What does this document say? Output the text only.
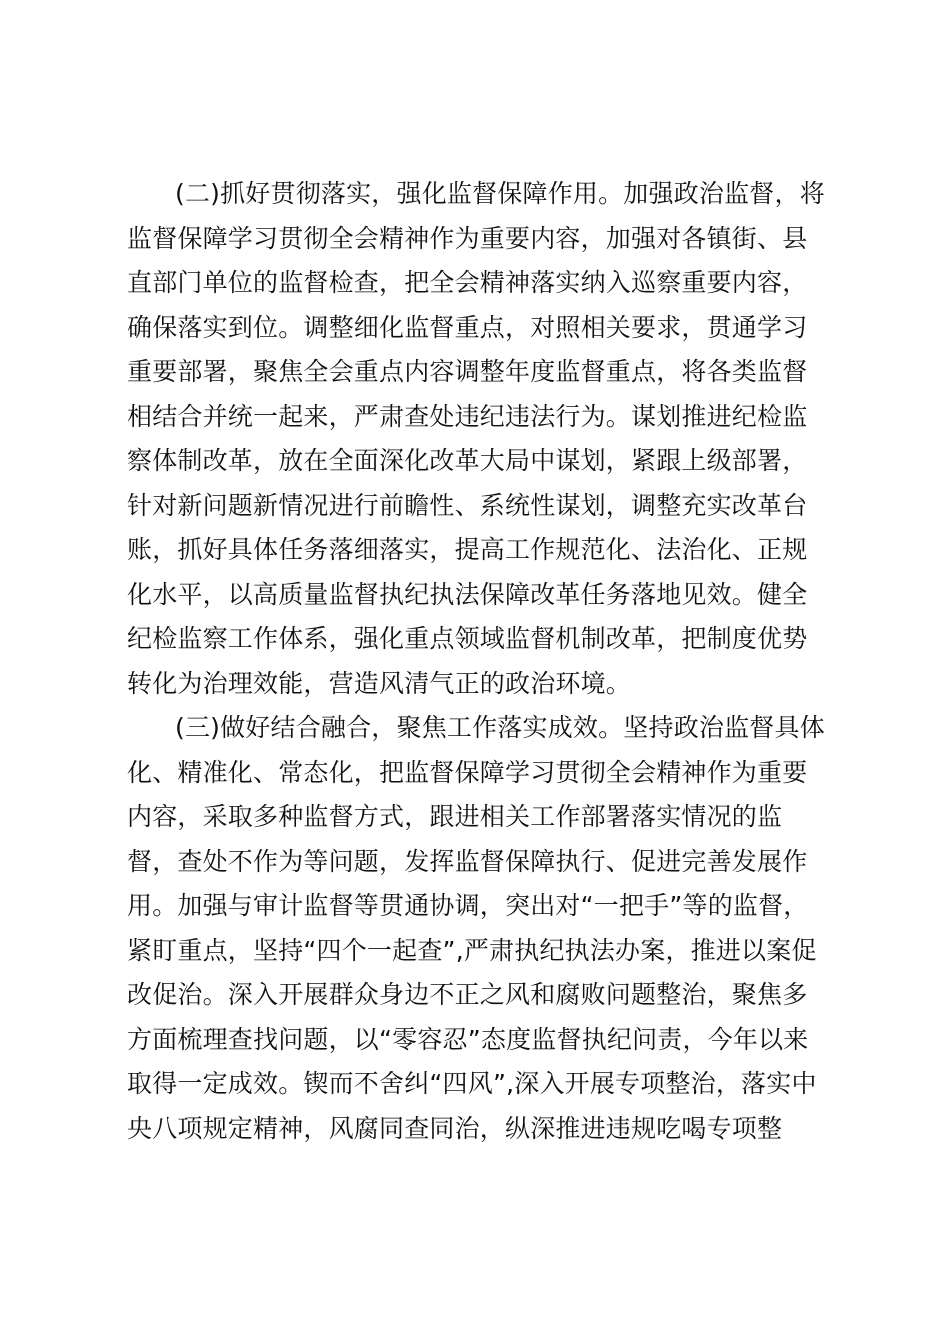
(二)抓好贯彻落实，强化监督保障作用。加强政治监督，将
监督保障学习贯彻全会精神作为重要内容，加强对各镇街、县
直部门单位的监督检查，把全会精神落实纳入巡察重要内容，
确保落实到位。调整细化监督重点，对照相关要求，贯通学习
重要部署，聚焦全会重点内容调整年度监督重点，将各类监督
相结合并统一起来，严肃查处违纪违法行为。谋划推进纪检监
察体制改革，放在全面深化改革大局中谋划，紧跟上级部署，
针对新问题新情况进行前瞻性、系统性谋划，调整充实改革台
账，抓好具体任务落细落实，提高工作规范化、法治化、正规
化水平，以高质量监督执纪执法保障改革任务落地见效。健全
纪检监察工作体系，强化重点领域监督机制改革，把制度优势
转化为治理效能，营造风清气正的政治环境。
(三)做好结合融合，聚焦工作落实成效。坚持政治监督具体
化、精准化、常态化，把监督保障学习贯彻全会精神作为重要
内容，采取多种监督方式，跟进相关工作部署落实情况的监
督，查处不作为等问题，发挥监督保障执行、促进完善发展作
用。加强与审计监督等贯通协调，突出对“一把手”等的监督，
紧盯重点，坚持“四个一起查”,严肃执纪执法办案，推进以案促
改促治。深入开展群众身边不正之风和腐败问题整治，聚焦多
方面梳理查找问题，以“零容忍”态度监督执纪问责，今年以来
取得一定成效。锲而不舍纠“四风”,深入开展专项整治，落实中
央八项规定精神，风腐同查同治，纵深推进违规吃喝专项整
